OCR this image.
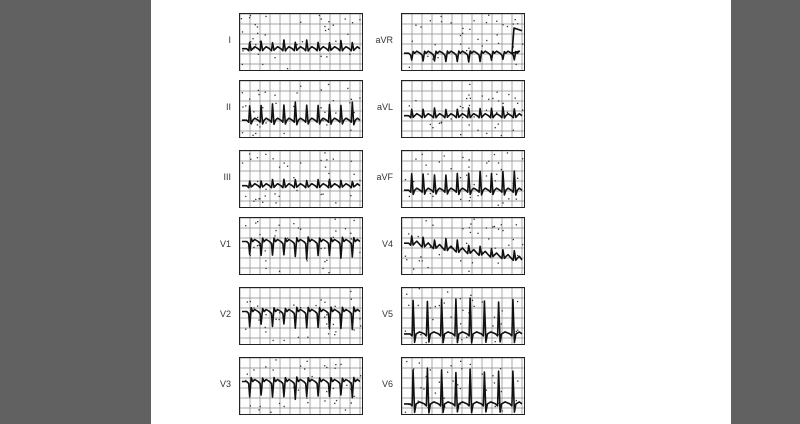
I
II
III
V1
V2
V3
aVR
aVL
aVF
V4
V5
V6
